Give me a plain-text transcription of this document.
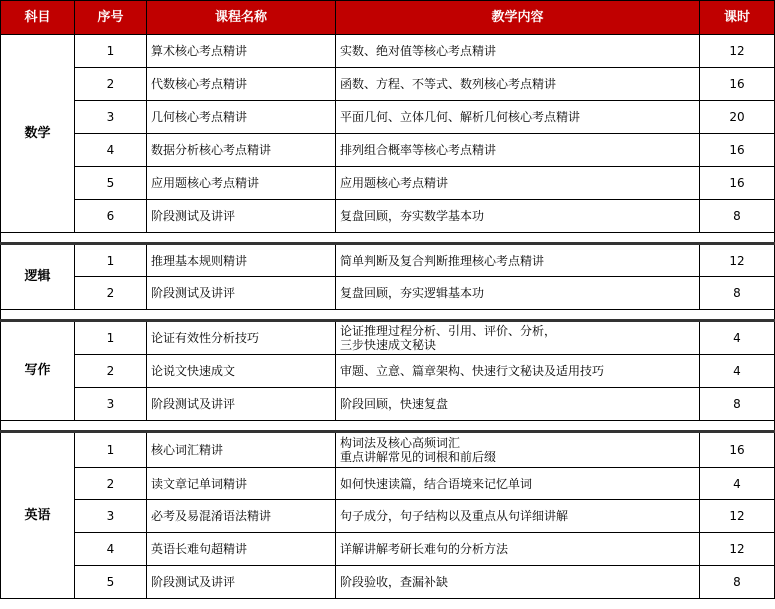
科目	序号	课程名称	教学内容	课时
数学	1	算术核心考点精讲	实数、绝对值等核心考点精讲	12
	2	代数核心考点精讲	函数、方程、不等式、数列核心考点精讲	16
	3	几何核心考点精讲	平面几何、立体几何、解析几何核心考点精讲	20
	4	数据分析核心考点精讲	排列组合概率等核心考点精讲	16
	5	应用题核心考点精讲	应用题核心考点精讲	16
	6	阶段测试及讲评	复盘回顾，夯实数学基本功	8

逻辑	1	推理基本规则精讲	简单判断及复合判断推理核心考点精讲	12
	2	阶段测试及讲评	复盘回顾，夯实逻辑基本功	8

写作	1	论证有效性分析技巧	论证推理过程分析、引用、评价、分析，
三步快速成文秘诀	4
	2	论说文快速成文	审题、立意、篇章架构、快速行文秘诀及适用技巧	4
	3	阶段测试及讲评	阶段回顾，快速复盘	8

英语	1	核心词汇精讲	构词法及核心高频词汇
重点讲解常见的词根和前后缀	16
	2	读文章记单词精讲	如何快速读篇，结合语境来记忆单词	4
	3	必考及易混淆语法精讲	句子成分，句子结构以及重点从句详细讲解	12
	4	英语长难句超精讲	详解讲解考研长难句的分析方法	12
	5	阶段测试及讲评	阶段验收，查漏补缺	8
